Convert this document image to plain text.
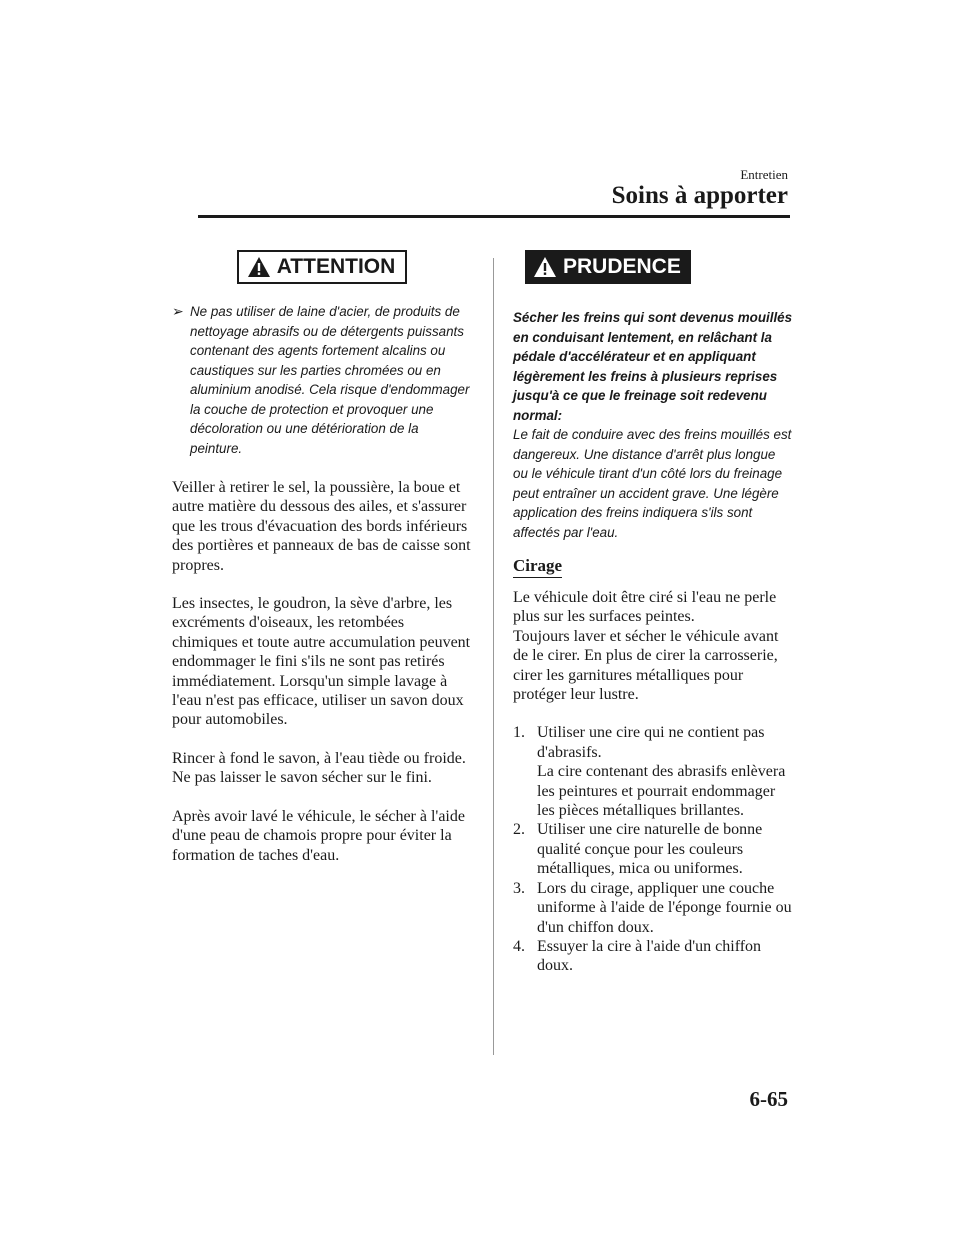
Entretien
Soins à apporter
ATTENTION
➢ Ne pas utiliser de laine d'acier, de produits de nettoyage abrasifs ou de détergents puissants contenant des agents fortement alcalins ou caustiques sur les parties chromées ou en aluminium anodisé. Cela risque d'endommager la couche de protection et provoquer une décoloration ou une détérioration de la peinture.

Veiller à retirer le sel, la poussière, la boue et autre matière du dessous des ailes, et s'assurer que les trous d'évacuation des bords inférieurs des portières et panneaux de bas de caisse sont propres.

Les insectes, le goudron, la sève d'arbre, les excréments d'oiseaux, les retombées chimiques et toute autre accumulation peuvent endommager le fini s'ils ne sont pas retirés immédiatement. Lorsqu'un simple lavage à l'eau n'est pas efficace, utiliser un savon doux pour automobiles.

Rincer à fond le savon, à l'eau tiède ou froide. Ne pas laisser le savon sécher sur le fini.

Après avoir lavé le véhicule, le sécher à l'aide d'une peau de chamois propre pour éviter la formation de taches d'eau.

PRUDENCE
Sécher les freins qui sont devenus mouillés en conduisant lentement, en relâchant la pédale d'accélérateur et en appliquant légèrement les freins à plusieurs reprises jusqu'à ce que le freinage soit redevenu normal:
Le fait de conduire avec des freins mouillés est dangereux. Une distance d'arrêt plus longue ou le véhicule tirant d'un côté lors du freinage peut entraîner un accident grave. Une légère application des freins indiquera s'ils sont affectés par l'eau.
Cirage

Le véhicule doit être ciré si l'eau ne perle plus sur les surfaces peintes.

Toujours laver et sécher le véhicule avant de le cirer. En plus de cirer la carrosserie, cirer les garnitures métalliques pour protéger leur lustre.

1. Utiliser une cire qui ne contient pas d'abrasifs.
La cire contenant des abrasifs enlèvera les peintures et pourrait endommager les pièces métalliques brillantes.
2. Utiliser une cire naturelle de bonne qualité conçue pour les couleurs métalliques, mica ou uniformes.
3. Lors du cirage, appliquer une couche uniforme à l'aide de l'éponge fournie ou d'un chiffon doux.
4. Essuyer la cire à l'aide d'un chiffon doux.
6-65
